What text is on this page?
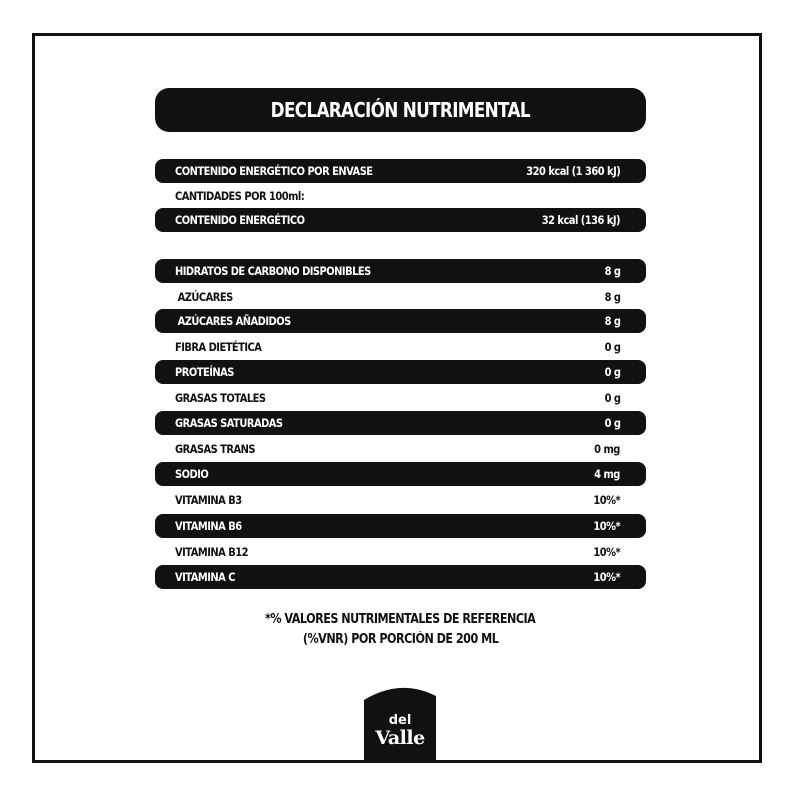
DECLARACIÓN NUTRIMENTAL
CONTENIDO ENERGÉTICO POR ENVASE	320 kcal (1 360 kJ)
CANTIDADES POR 100ml:
CONTENIDO ENERGÉTICO	32 kcal (136 kJ)
HIDRATOS DE CARBONO DISPONIBLES	8 g
AZÚCARES	8 g
AZÚCARES AÑADIDOS	8 g
FIBRA DIETÉTICA	0 g
PROTEÍNAS	0 g
GRASAS TOTALES	0 g
GRASAS SATURADAS	0 g
GRASAS TRANS	0 mg
SODIO	4 mg
VITAMINA B3	10%*
VITAMINA B6	10%*
VITAMINA B12	10%*
VITAMINA C	10%*
*% VALORES NUTRIMENTALES DE REFERENCIA
(%VNR) POR PORCIÓN DE 200 ML
del
Valle
